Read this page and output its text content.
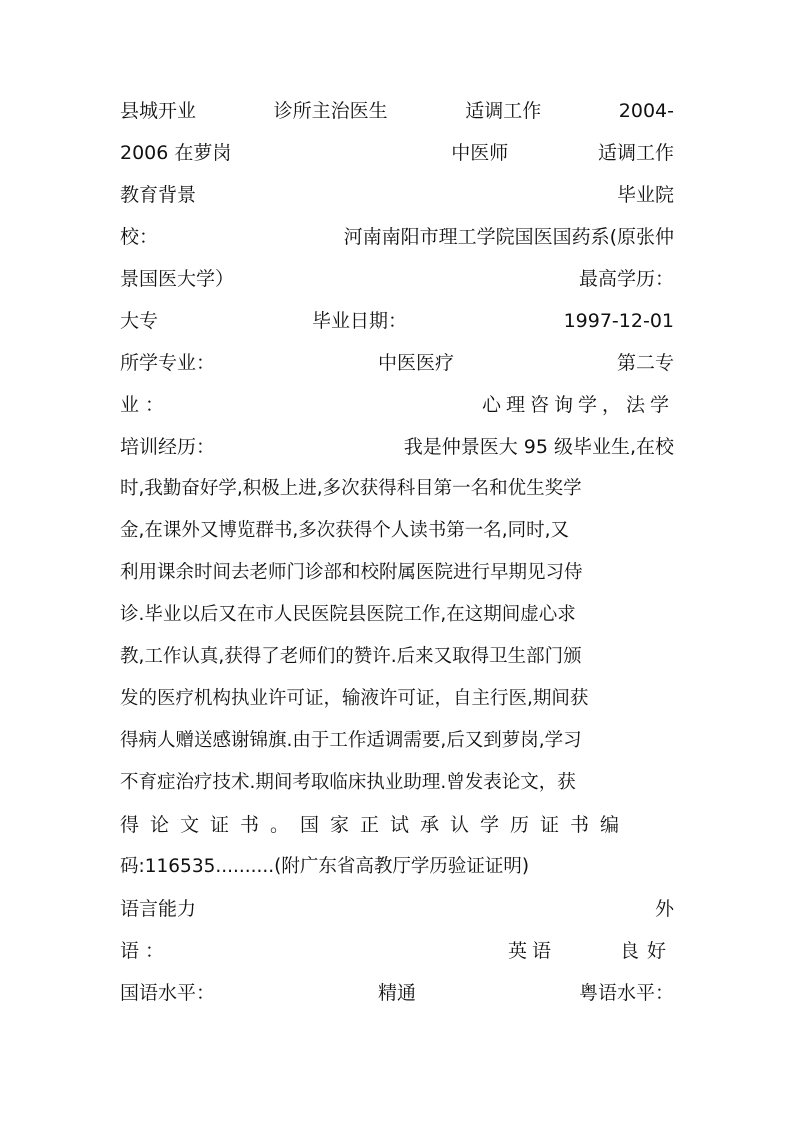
县城开业	诊所主治医生	适调工作	2004-
2006 在萝岗	中医师	适调工作
教育背景	毕业院
校：	河南南阳市理工学院国医国药系(原张仲
景国医大学）	最高学历：
大专	毕业日期：	1997-12-01
所学专业：	中医医疗	第二专
业：	心理咨询学，法学
培训经历：	我是仲景医大 95 级毕业生,在校
时,我勤奋好学,积极上进,多次获得科目第一名和优生奖学
金,在课外又博览群书,多次获得个人读书第一名,同时,又
利用课余时间去老师门诊部和校附属医院进行早期见习侍
诊.毕业以后又在市人民医院县医院工作,在这期间虚心求
教,工作认真,获得了老师们的赞许.后来又取得卫生部门颁
发的医疗机构执业许可证，输液许可证，自主行医,期间获
得病人赠送感谢锦旗.由于工作适调需要,后又到萝岗,学习
不育症治疗技术.期间考取临床执业助理.曾发表论文，获
得论文证书。国家正试承认学历证书编
码:116535..........(附广东省高教厅学历验证证明)
语言能力	外
语：	英语	良好
国语水平：	精通	粤语水平：
